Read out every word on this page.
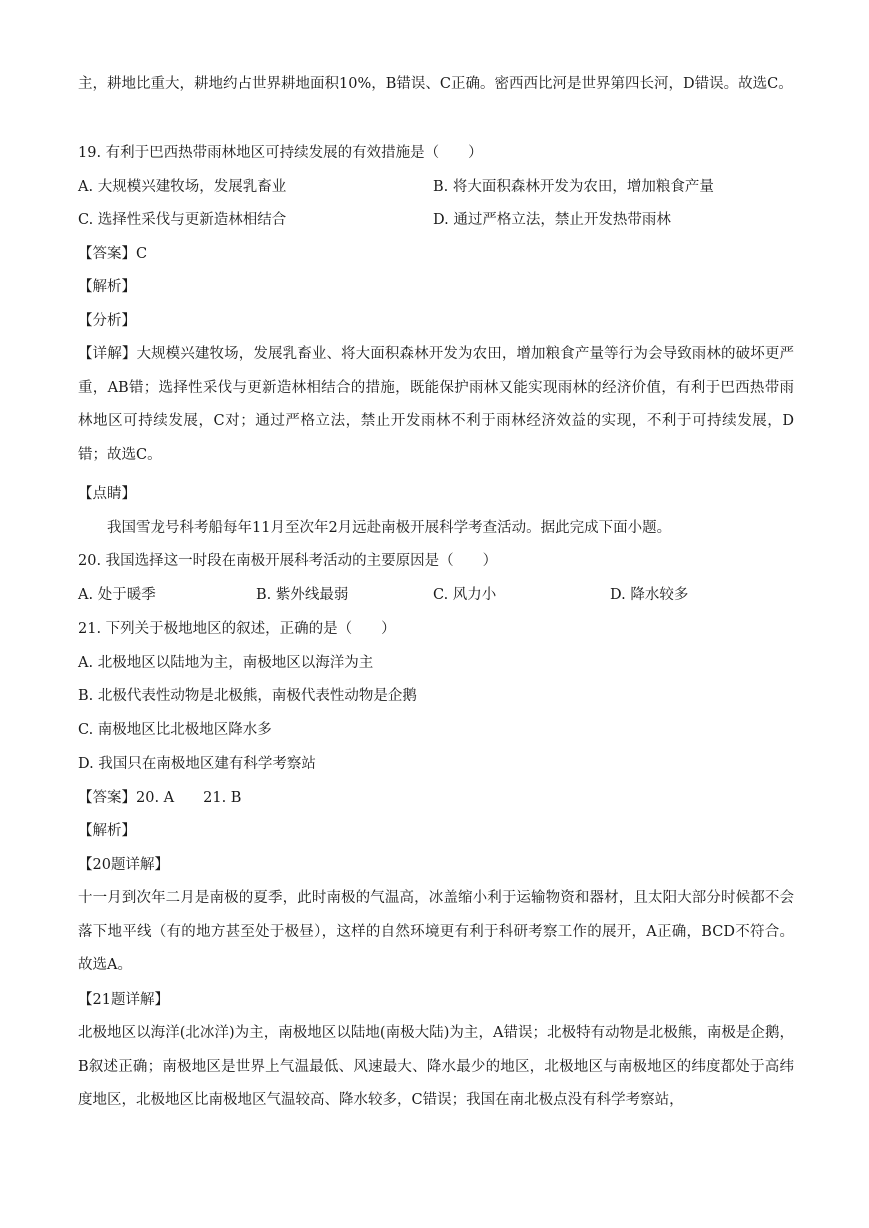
主，耕地比重大，耕地约占世界耕地面积10%，B错误、C正确。密西西比河是世界第四长河，D错误。故选C。
19. 有利于巴西热带雨林地区可持续发展的有效措施是（　　）
A. 大规模兴建牧场，发展乳畜业	B. 将大面积森林开发为农田，增加粮食产量
C. 选择性采伐与更新造林相结合	D. 通过严格立法，禁止开发热带雨林
【答案】C
【解析】
【分析】
【详解】大规模兴建牧场，发展乳畜业、将大面积森林开发为农田，增加粮食产量等行为会导致雨林的破坏更严重，AB错；选择性采伐与更新造林相结合的措施，既能保护雨林又能实现雨林的经济价值，有利于巴西热带雨林地区可持续发展，C对；通过严格立法，禁止开发雨林不利于雨林经济效益的实现，不利于可持续发展，D错；故选C。
【点睛】
我国雪龙号科考船每年11月至次年2月远赴南极开展科学考查活动。据此完成下面小题。
20. 我国选择这一时段在南极开展科考活动的主要原因是（　　）
A. 处于暖季	B. 紫外线最弱	C. 风力小	D. 降水较多
21. 下列关于极地地区的叙述，正确的是（　　）
A. 北极地区以陆地为主，南极地区以海洋为主
B. 北极代表性动物是北极熊，南极代表性动物是企鹅
C. 南极地区比北极地区降水多
D. 我国只在南极地区建有科学考察站
【答案】20. A　　21. B
【解析】
【20题详解】
十一月到次年二月是南极的夏季，此时南极的气温高，冰盖缩小利于运输物资和器材，且太阳大部分时候都不会落下地平线（有的地方甚至处于极昼），这样的自然环境更有利于科研考察工作的展开，A正确，BCD不符合。故选A。
【21题详解】
北极地区以海洋(北冰洋)为主，南极地区以陆地(南极大陆)为主，A错误；北极特有动物是北极熊，南极是企鹅，B叙述正确；南极地区是世界上气温最低、风速最大、降水最少的地区，北极地区与南极地区的纬度都处于高纬度地区，北极地区比南极地区气温较高、降水较多，C错误；我国在南北极点没有科学考察站，
